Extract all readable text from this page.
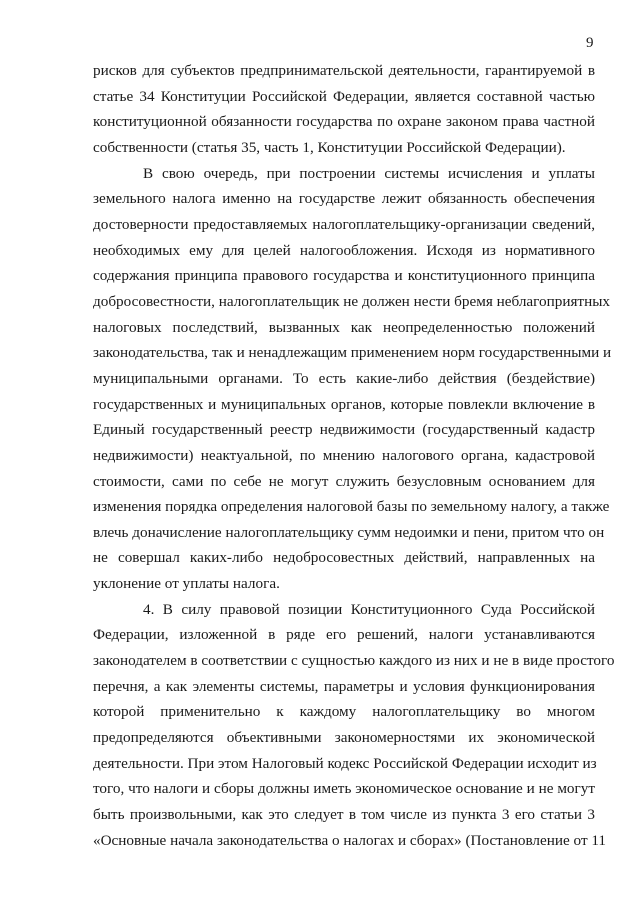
9

рисков для субъектов предпринимательской деятельности, гарантируемой в
статье 34 Конституции Российской Федерации, является составной частью
конституционной обязанности государства по охране законом права частной
собственности (статья 35, часть 1, Конституции Российской Федерации).

В свою очередь, при построении системы исчисления и уплаты
земельного налога именно на государстве лежит обязанность обеспечения
достоверности предоставляемых налогоплательщику-организации сведений,
необходимых ему для целей налогообложения. Исходя из нормативного
содержания принципа правового государства и конституционного принципа
добросовестности, налогоплательщик не должен нести бремя неблагоприятных
налоговых последствий, вызванных как неопределенностью положений
законодательства, так и ненадлежащим применением норм государственными и
муниципальными органами. То есть какие-либо действия (бездействие)
государственных и муниципальных органов, которые повлекли включение в
Единый государственный реестр недвижимости (государственный кадастр
недвижимости) неактуальной, по мнению налогового органа, кадастровой
стоимости, сами по себе не могут служить безусловным основанием для
изменения порядка определения налоговой базы по земельному налогу, а также
влечь доначисление налогоплательщику сумм недоимки и пени, притом что он
не совершал каких-либо недобросовестных действий, направленных на
уклонение от уплаты налога.

4. В силу правовой позиции Конституционного Суда Российской
Федерации, изложенной в ряде его решений, налоги устанавливаются
законодателем в соответствии с сущностью каждого из них и не в виде простого
перечня, а как элементы системы, параметры и условия функционирования
которой применительно к каждому налогоплательщику во многом
предопределяются объективными закономерностями их экономической
деятельности. При этом Налоговый кодекс Российской Федерации исходит из
того, что налоги и сборы должны иметь экономическое основание и не могут
быть произвольными, как это следует в том числе из пункта 3 его статьи 3
«Основные начала законодательства о налогах и сборах» (Постановление от 11
